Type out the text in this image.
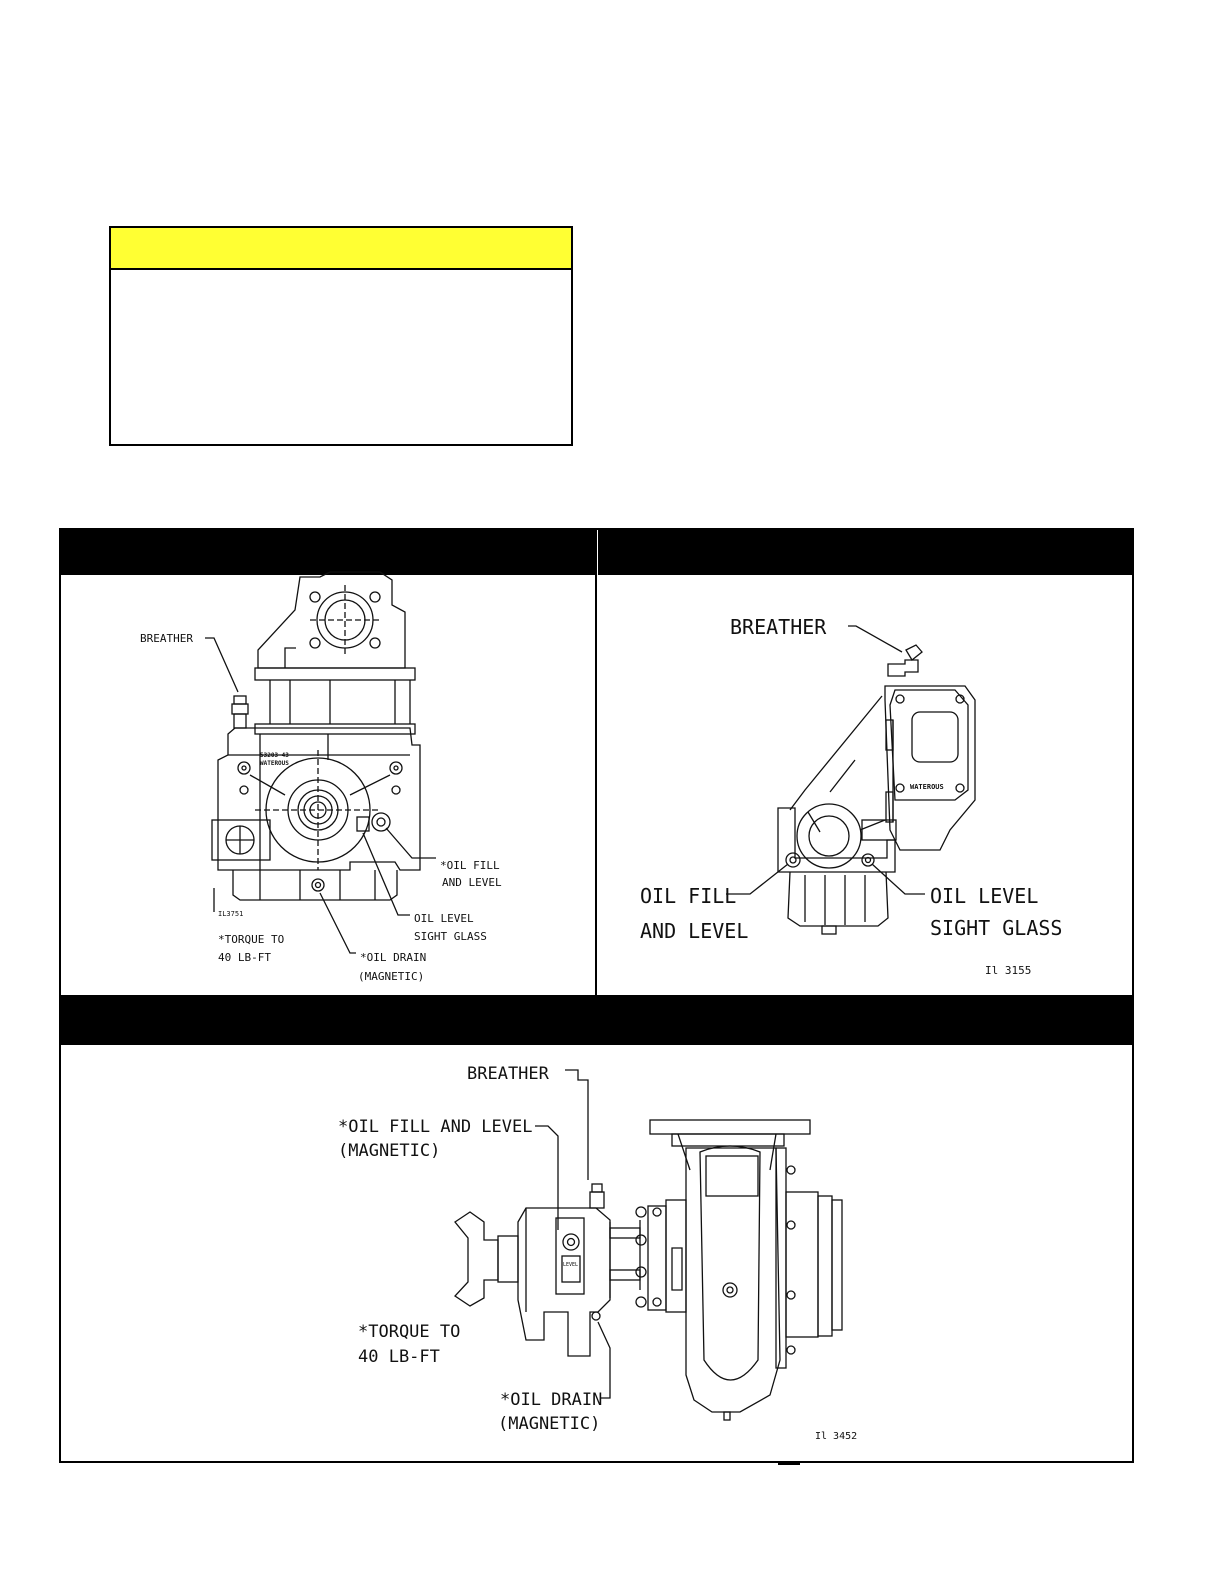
BREATHER
*OIL FILL
AND LEVEL
OIL LEVEL
SIGHT GLASS
*TORQUE TO
40 LB-FT	*OIL DRAIN
(MAGNETIC)
53203-43
WATEROUS
IL3751
BREATHER
OIL FILL
AND LEVEL
OIL LEVEL
SIGHT GLASS
WATEROUS
Il 3155
BREATHER
*OIL FILL AND LEVEL
(MAGNETIC)
*TORQUE TO
40 LB-FT
*OIL DRAIN
(MAGNETIC)
LEVEL
Il 3452
